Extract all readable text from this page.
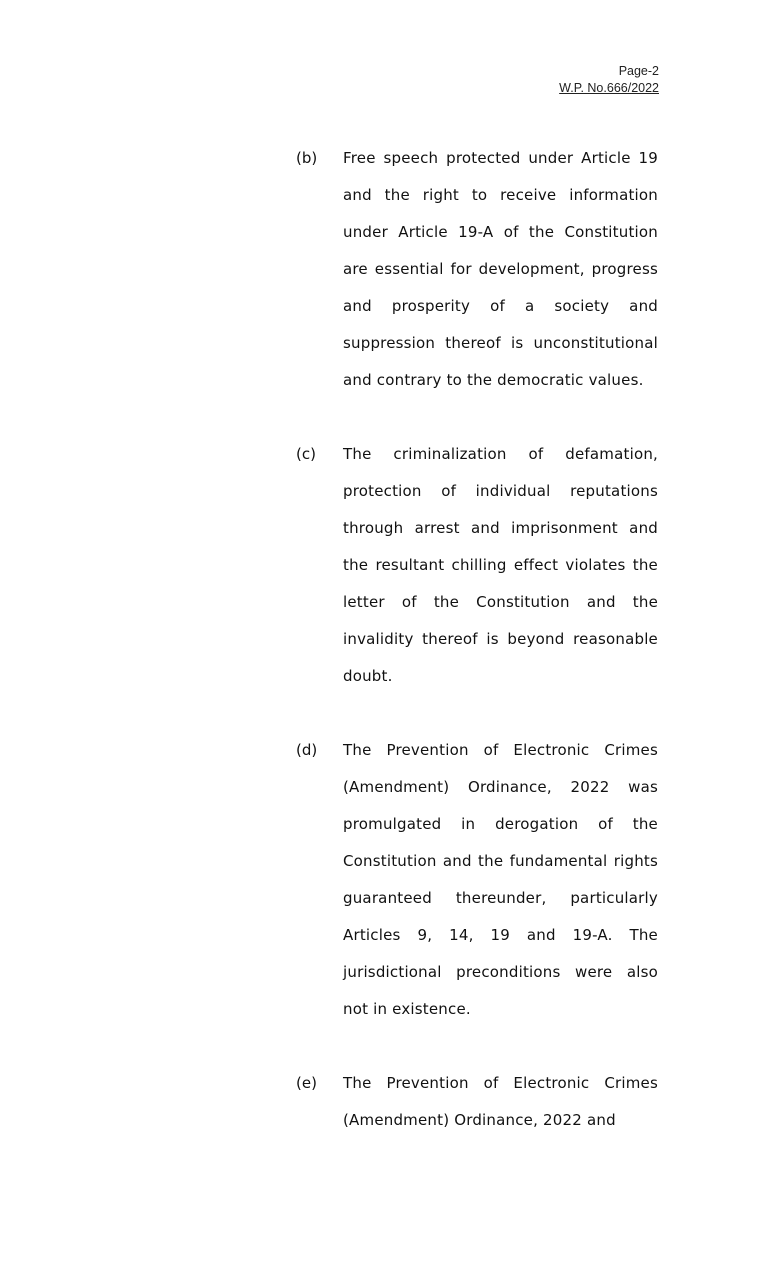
Page-2
W.P. No.666/2022
(b)	Free speech protected under Article 19 and the right to receive information under Article 19-A of the Constitution are essential for development, progress and prosperity of a society and suppression thereof is unconstitutional and contrary to the democratic values.
(c)	The criminalization of defamation, protection of individual reputations through arrest and imprisonment and the resultant chilling effect violates the letter of the Constitution and the invalidity thereof is beyond reasonable doubt.
(d)	The Prevention of Electronic Crimes (Amendment) Ordinance, 2022 was promulgated in derogation of the Constitution and the fundamental rights guaranteed thereunder, particularly Articles 9, 14, 19 and 19-A. The jurisdictional preconditions were also not in existence.
(e)	The Prevention of Electronic Crimes (Amendment) Ordinance, 2022 and
